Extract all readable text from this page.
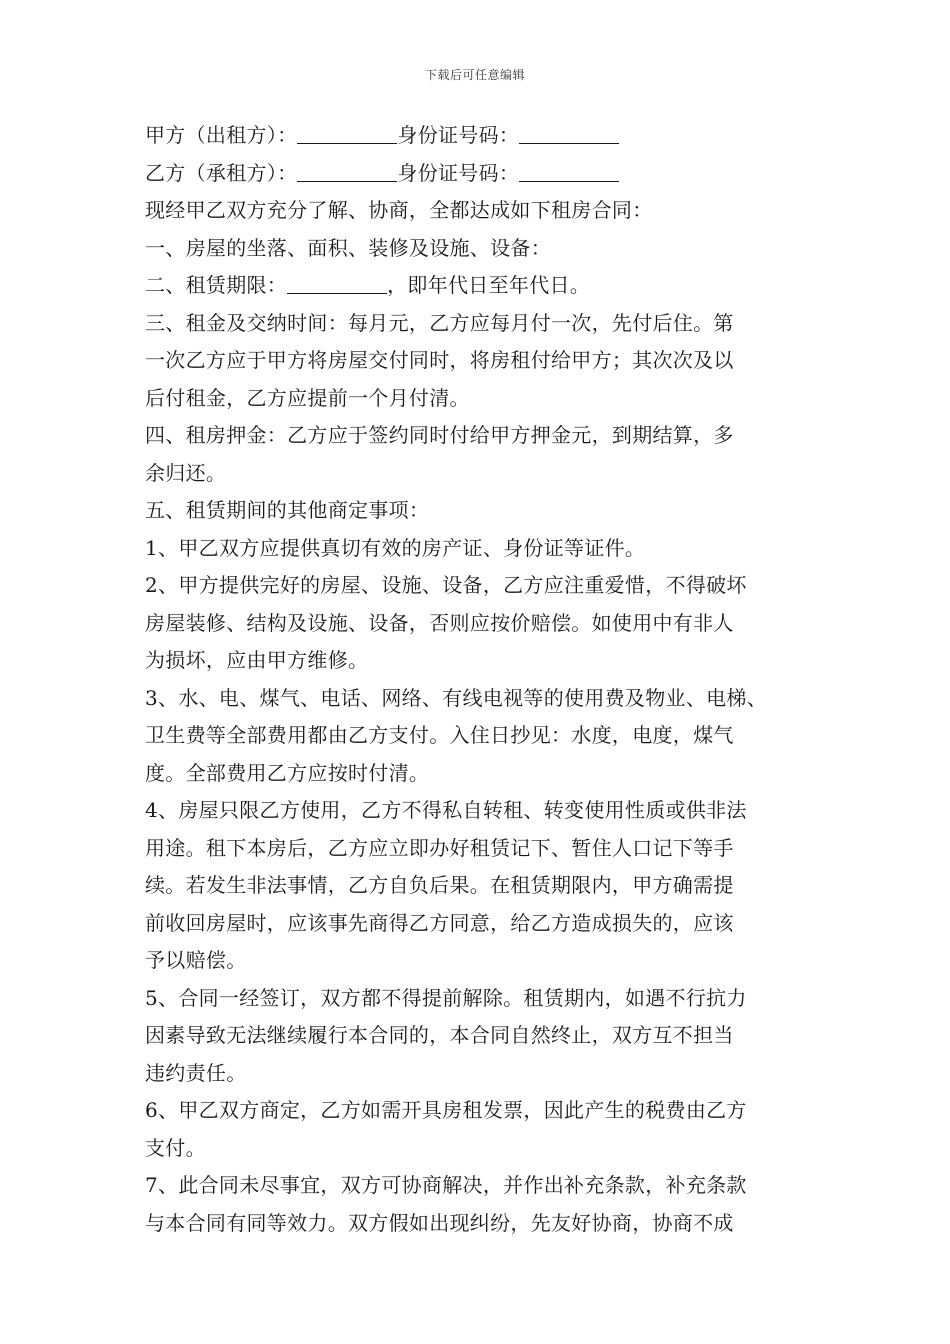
下载后可任意编辑
甲方（出租方）：	身份证号码：
乙方（承租方）：	身份证号码：
现经甲乙双方充分了解、协商，全都达成如下租房合同：
一、房屋的坐落、面积、装修及设施、设备：
二、租赁期限：	，即年代日至年代日。
三、租金及交纳时间：每月元，乙方应每月付一次，先付后住。第
一次乙方应于甲方将房屋交付同时，将房租付给甲方；其次次及以
后付租金，乙方应提前一个月付清。
四、租房押金：乙方应于签约同时付给甲方押金元，到期结算，多
余归还。
五、租赁期间的其他商定事项：
1、甲乙双方应提供真切有效的房产证、身份证等证件。
2、甲方提供完好的房屋、设施、设备，乙方应注重爱惜，不得破坏
房屋装修、结构及设施、设备，否则应按价赔偿。如使用中有非人
为损坏，应由甲方维修。
3、水、电、煤气、电话、网络、有线电视等的使用费及物业、电梯、
卫生费等全部费用都由乙方支付。入住日抄见：水度，电度，煤气
度。全部费用乙方应按时付清。
4、房屋只限乙方使用，乙方不得私自转租、转变使用性质或供非法
用途。租下本房后，乙方应立即办好租赁记下、暂住人口记下等手
续。若发生非法事情，乙方自负后果。在租赁期限内，甲方确需提
前收回房屋时，应该事先商得乙方同意，给乙方造成损失的，应该
予以赔偿。
5、合同一经签订，双方都不得提前解除。租赁期内，如遇不行抗力
因素导致无法继续履行本合同的，本合同自然终止，双方互不担当
违约责任。
6、甲乙双方商定，乙方如需开具房租发票，因此产生的税费由乙方
支付。
7、此合同未尽事宜，双方可协商解决，并作出补充条款，补充条款
与本合同有同等效力。双方假如出现纠纷，先友好协商，协商不成
